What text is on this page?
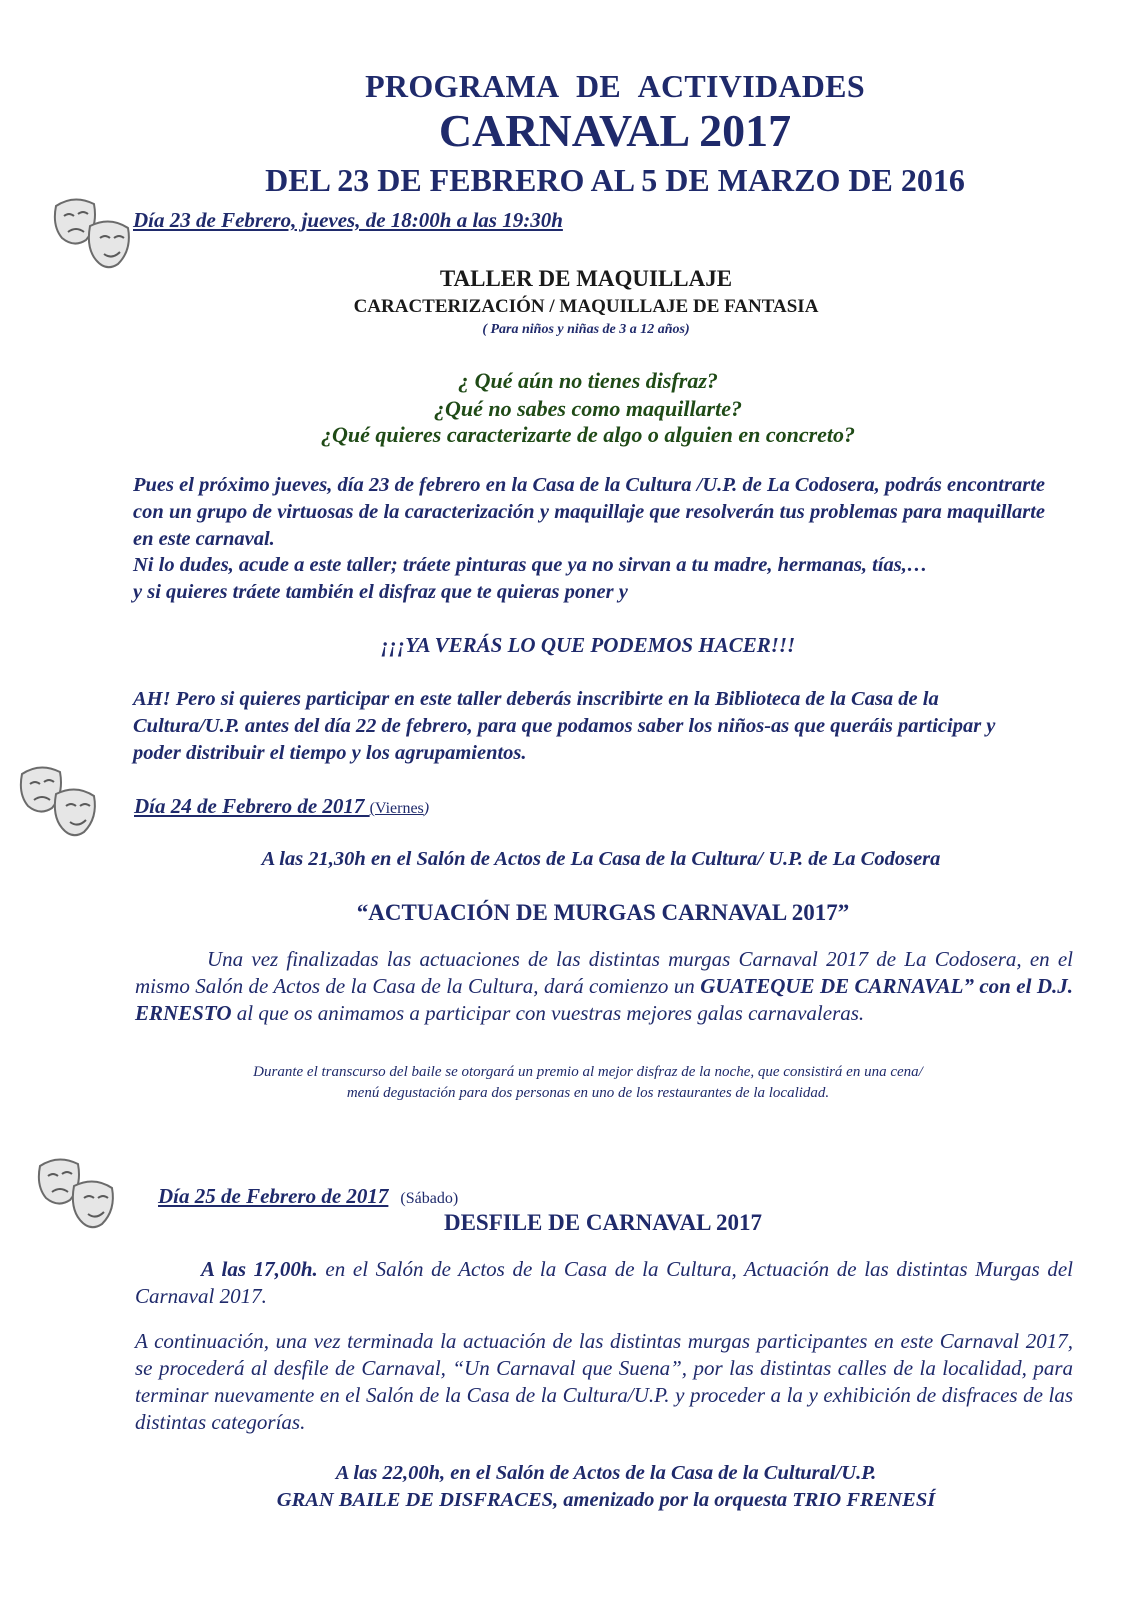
PROGRAMA DE ACTIVIDADES
CARNAVAL 2017
DEL 23 DE FEBRERO AL 5 DE MARZO DE 2016
Día 23 de Febrero, jueves, de 18:00h a las 19:30h
TALLER DE MAQUILLAJE
CARACTERIZACIÓN / MAQUILLAJE DE FANTASIA
( Para niños y niñas de 3 a 12 años)
¿ Qué aún no tienes disfraz?
¿Qué no sabes como maquillarte?
¿Qué quieres caracterizarte de algo o alguien en concreto?
Pues el próximo jueves, día 23 de febrero en la Casa de la Cultura /U.P. de La Codosera, podrás encontrarte con un grupo de virtuosas de la caracterización y maquillaje que resolverán tus problemas para maquillarte en este carnaval.
Ni lo dudes, acude a este taller; tráete pinturas que ya no sirvan a tu madre, hermanas, tías,…
y si quieres tráete también el disfraz que te quieras poner y
¡¡¡YA VERÁS LO QUE PODEMOS HACER!!!
AH! Pero si quieres participar en este taller deberás inscribirte en la Biblioteca de la Casa de la Cultura/U.P. antes del día 22 de febrero, para que podamos saber los niños-as que queráis participar y poder distribuir el tiempo y los agrupamientos.
Día 24 de Febrero de 2017 (Viernes)
A las 21,30h en el Salón de Actos de La Casa de la Cultura/ U.P. de La Codosera
“ACTUACIÓN DE MURGAS CARNAVAL 2017”
Una vez finalizadas las actuaciones de las distintas murgas Carnaval 2017 de La Codosera, en el mismo Salón de Actos de la Casa de la Cultura, dará comienzo un GUATEQUE DE CARNAVAL” con el D.J. ERNESTO al que os animamos a participar con vuestras mejores galas carnavaleras.
Durante el transcurso del baile se otorgará un premio al mejor disfraz de la noche, que consistirá en una cena/
menú degustación para dos personas en uno de los restaurantes de la localidad.
Día 25 de Febrero de 2017 (Sábado)
DESFILE DE CARNAVAL 2017
A las 17,00h. en el Salón de Actos de la Casa de la Cultura, Actuación de las distintas Murgas del Carnaval 2017.
A continuación, una vez terminada la actuación de las distintas murgas participantes en este Carnaval 2017, se procederá al desfile de Carnaval, “Un Carnaval que Suena”, por las distintas calles de la localidad, para terminar nuevamente en el Salón de la Casa de la Cultura/U.P. y proceder a la y exhibición de disfraces de las distintas categorías.
A las 22,00h, en el Salón de Actos de la Casa de la Cultural/U.P.
GRAN BAILE DE DISFRACES, amenizado por la orquesta TRIO FRENESÍ
